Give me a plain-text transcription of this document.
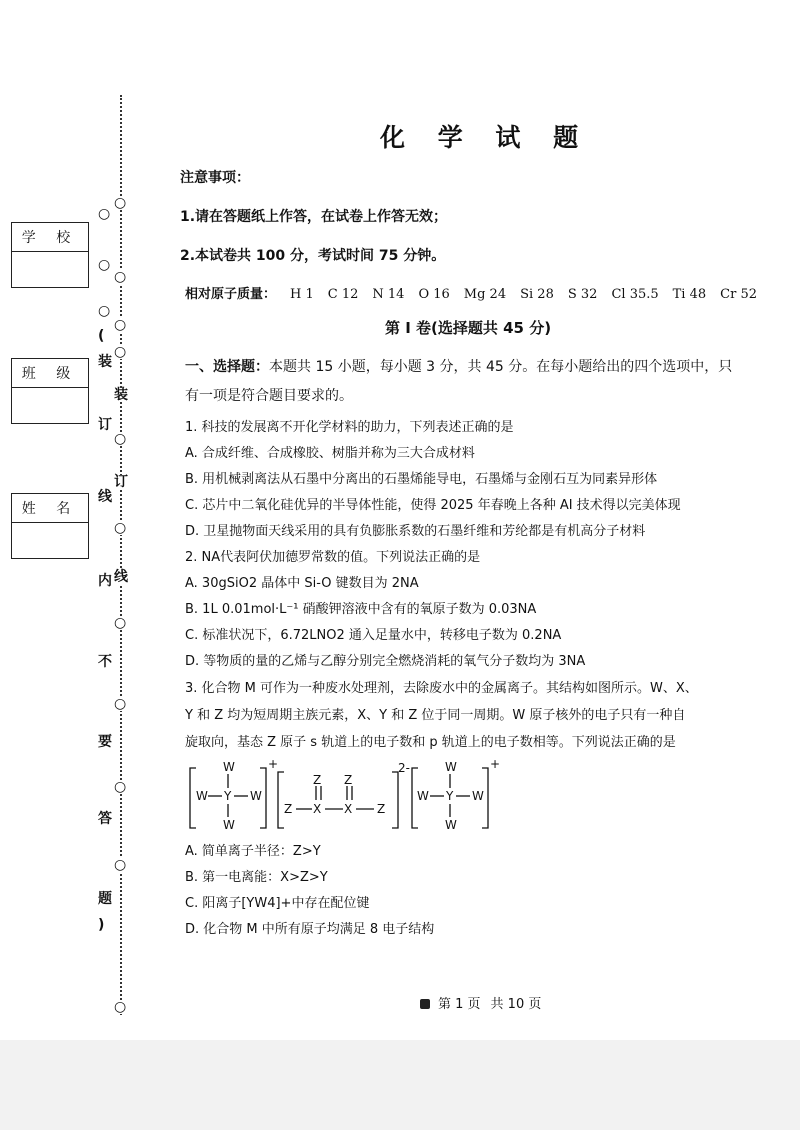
○
○
○
(
装
订
线
内
不
要
答
题
)
○
○
○
○
装
○
订
○
线
○
○
○
○
○
学 校
班 级
姓 名
化 学 试 题
注意事项：
1.请在答题纸上作答，在试卷上作答无效；
2.本试卷共 100 分，考试时间 75 分钟。
相对原子质量： H 1 C 12 N 14 O 16 Mg 24 Si 28 S 32 Cl 35.5 Ti 48 Cr 52
第 I 卷(选择题共 45 分)
一、选择题：本题共 15 小题，每小题 3 分，共 45 分。在每小题给出的四个选项中，只
有一项是符合题目要求的。
1. 科技的发展离不开化学材料的助力，下列表述正确的是
A. 合成纤维、合成橡胶、树脂并称为三大合成材料
B. 用机械剥离法从石墨中分离出的石墨烯能导电，石墨烯与金刚石互为同素异形体
C. 芯片中二氧化硅优异的半导体性能，使得 2025 年春晚上各种 AI 技术得以完美体现
D. 卫星抛物面天线采用的具有负膨胀系数的石墨纤维和芳纶都是有机高分子材料
2. NA代表阿伏加德罗常数的值。下列说法正确的是
A. 30gSiO2 晶体中 Si-O 键数目为 2NA
B. 1L 0.01mol·L⁻¹ 硝酸钾溶液中含有的氧原子数为 0.03NA
C. 标准状况下，6.72LNO2 通入足量水中，转移电子数为 0.2NA
D. 等物质的量的乙烯与乙醇分别完全燃烧消耗的氧气分子数均为 3NA
3. 化合物 M 可作为一种废水处理剂，去除废水中的金属离子。其结构如图所示。W、X、
Y 和 Z 均为短周期主族元素，X、Y 和 Z 位于同一周期。W 原子核外的电子只有一种自
旋取向，基态 Z 原子 s 轨道上的电子数和 p 轨道上的电子数相等。下列说法正确的是
W
Y
W	W
W
+
Z
Z
X
Z
X Z
2-	W
Y
W	W
W
+
A. 简单离子半径：Z>Y
B. 第一电离能：X>Z>Y
C. 阳离子[YW4]+中存在配位键
D. 化合物 M 中所有原子均满足 8 电子结构
第 1 页 共 10 页
